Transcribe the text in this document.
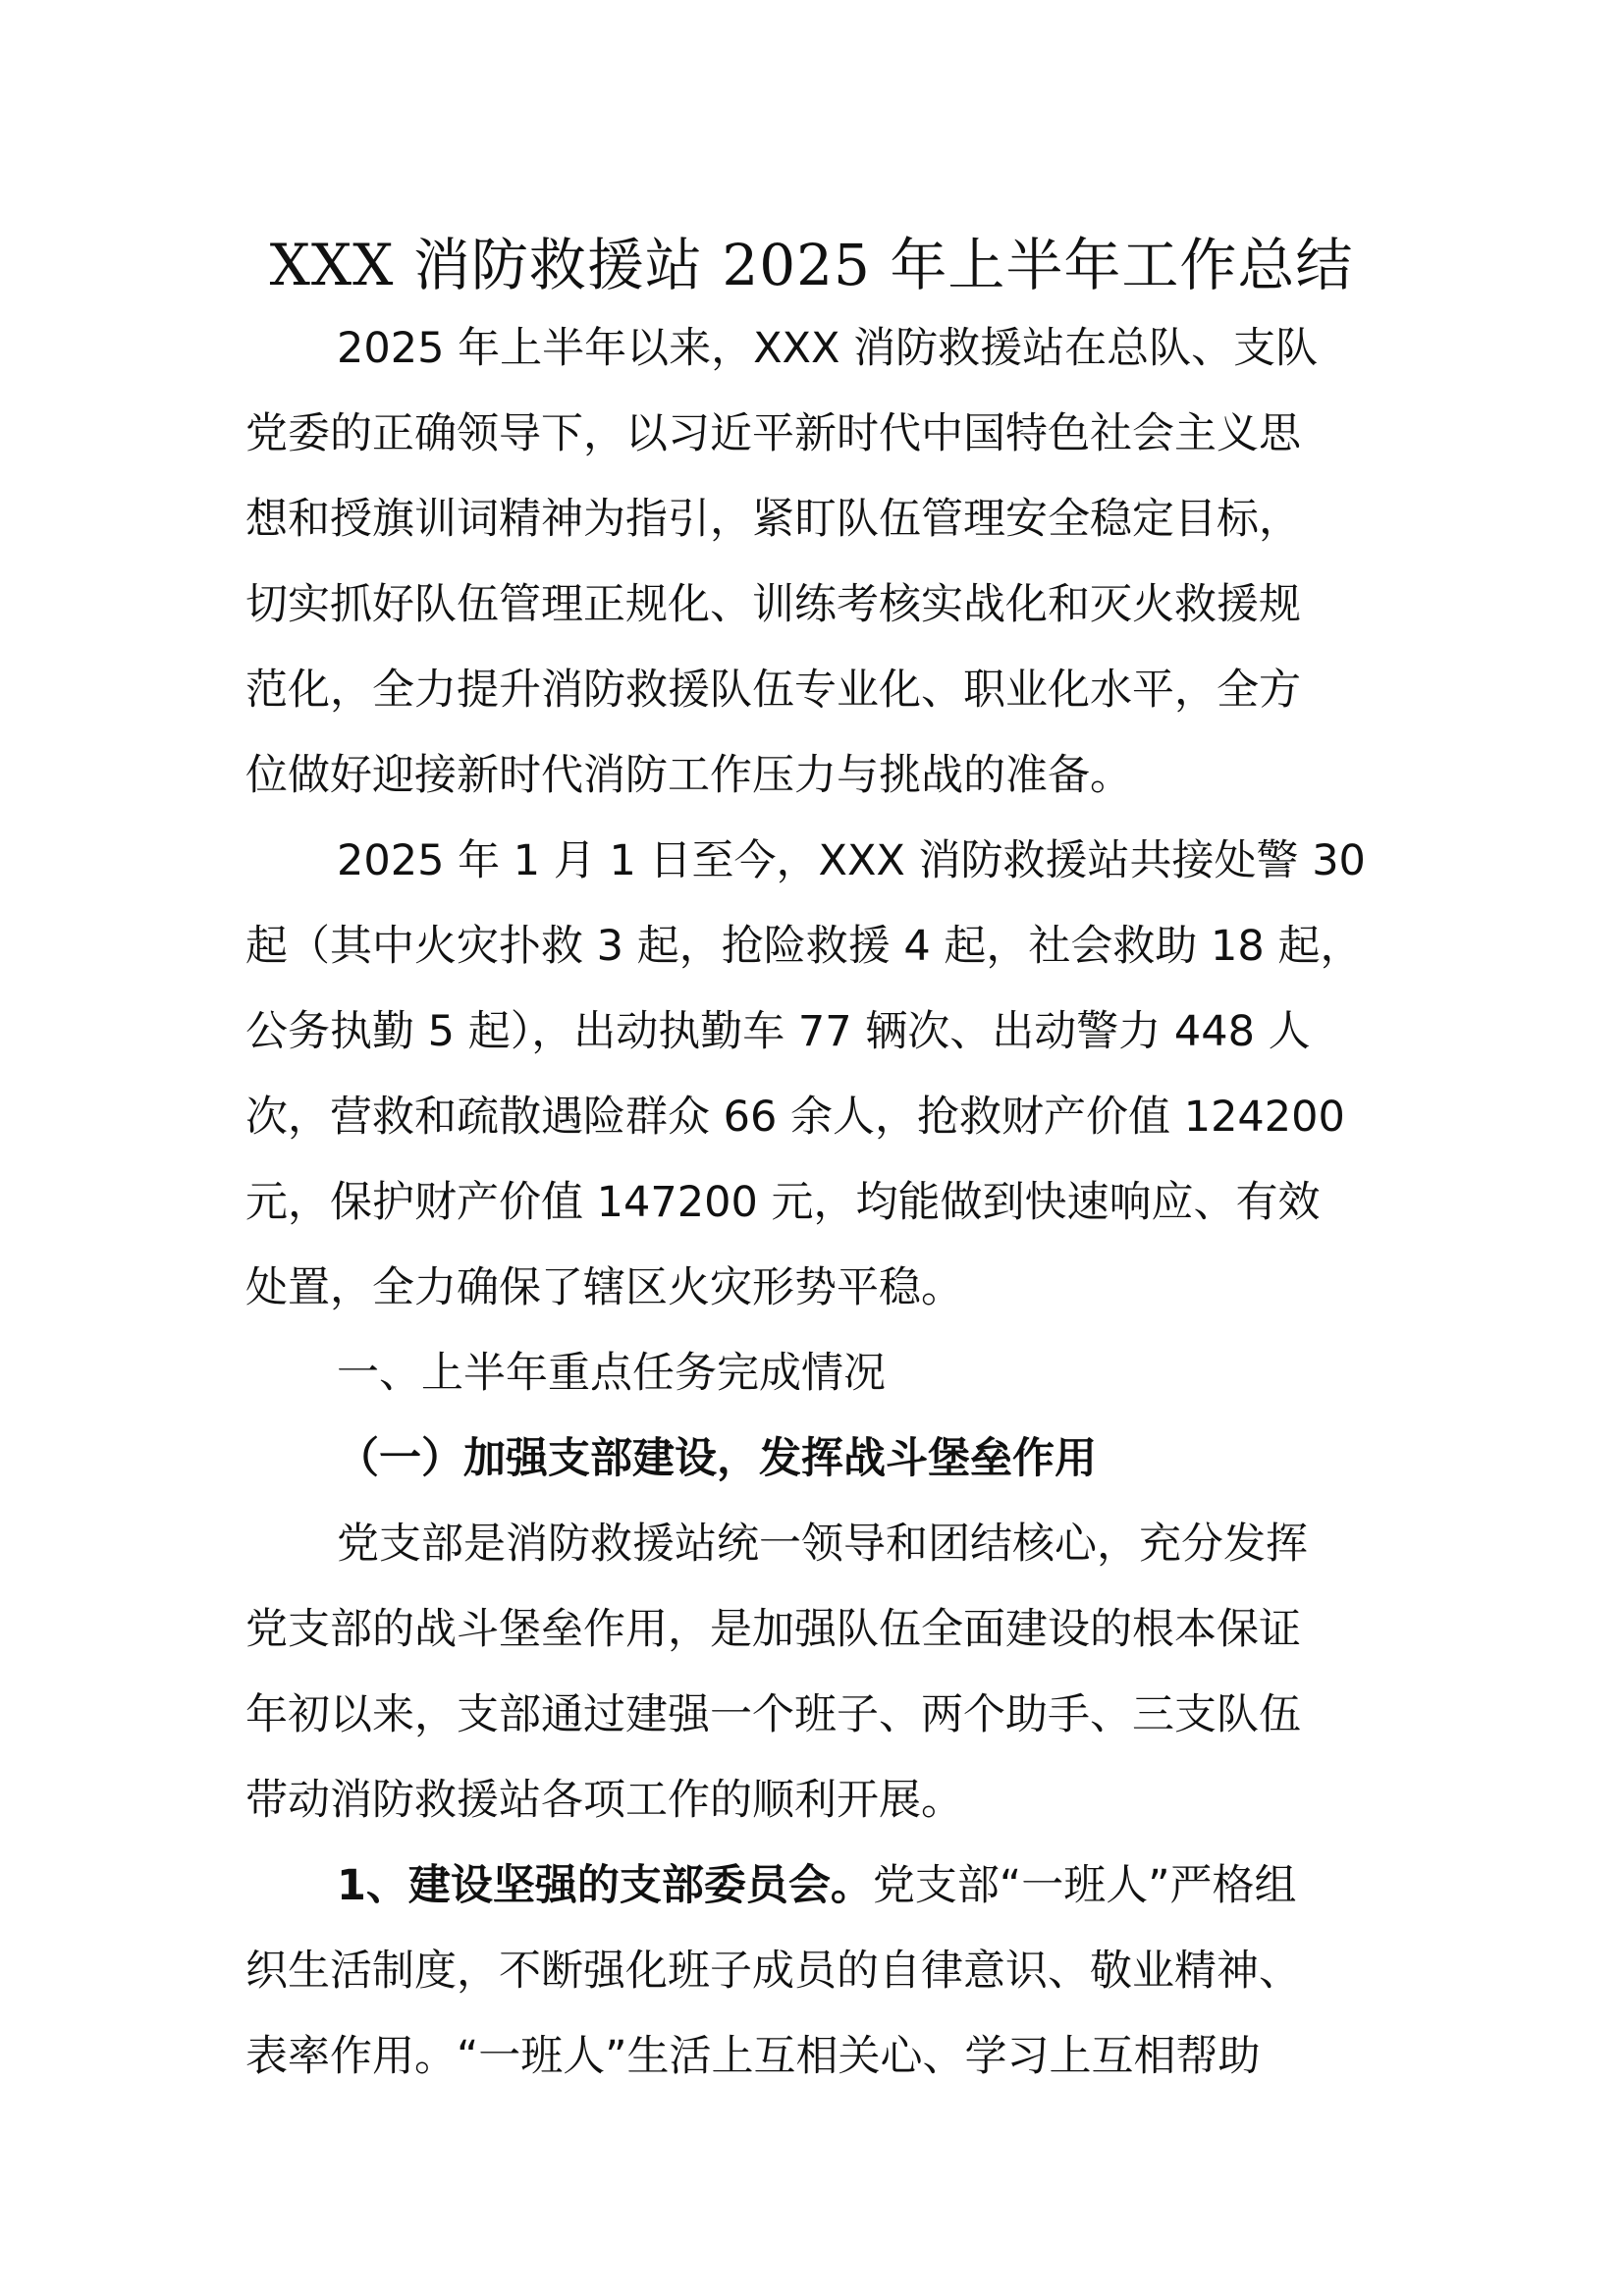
XXX 消防救援站 2025 年上半年工作总结
2025 年上半年以来，XXX 消防救援站在总队、支队
党委的正确领导下，以习近平新时代中国特色社会主义思
想和授旗训词精神为指引，紧盯队伍管理安全稳定目标，
切实抓好队伍管理正规化、训练考核实战化和灭火救援规
范化，全力提升消防救援队伍专业化、职业化水平，全方
位做好迎接新时代消防工作压力与挑战的准备。
2025 年 1 月 1 日至今，XXX 消防救援站共接处警 30
起（其中火灾扑救 3 起，抢险救援 4 起，社会救助 18 起，
公务执勤 5 起），出动执勤车 77 辆次、出动警力 448 人
次，营救和疏散遇险群众 66 余人，抢救财产价值 124200
元，保护财产价值 147200 元，均能做到快速响应、有效
处置，全力确保了辖区火灾形势平稳。
一、上半年重点任务完成情况
（一）加强支部建设，发挥战斗堡垒作用
党支部是消防救援站统一领导和团结核心，充分发挥
党支部的战斗堡垒作用，是加强队伍全面建设的根本保证
年初以来，支部通过建强一个班子、两个助手、三支队伍
带动消防救援站各项工作的顺利开展。
1、建设坚强的支部委员会。党支部“一班人”严格组
织生活制度，不断强化班子成员的自律意识、敬业精神、
表率作用。“一班人”生活上互相关心、学习上互相帮助
